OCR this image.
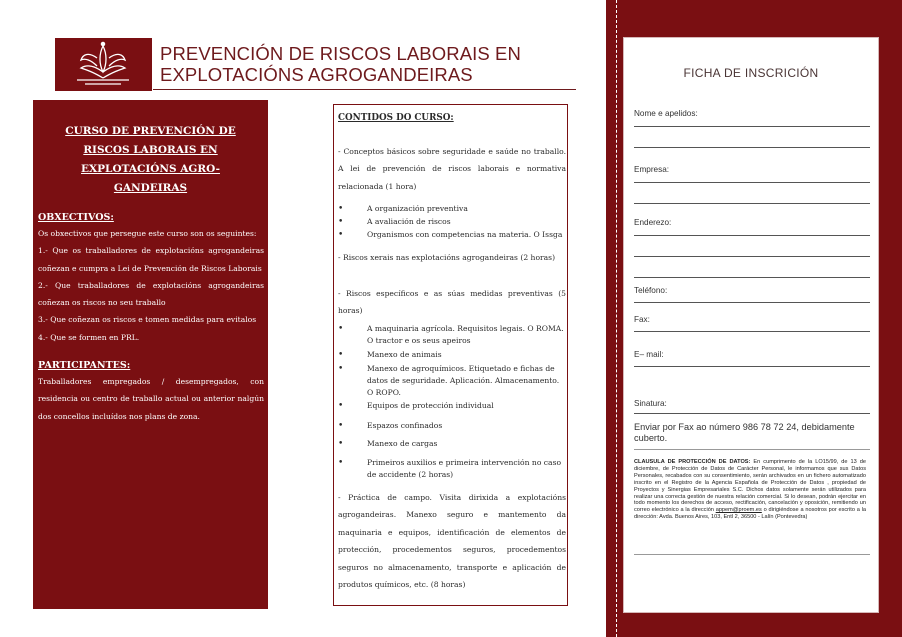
PREVENCIÓN DE RISCOS LABORAIS EN
EXPLOTACIÓNS AGROGANDEIRAS
CURSO DE PREVENCIÓN DE RISCOS LABORAIS EN EXPLOTACIÓNS AGRO-GANDEIRAS
OBXECTIVOS:
Os obxectivos que persegue este curso son os seguintes:
1.- Que os traballadores de explotacións agrogandeiras coñezan e cumpra a Lei de Prevención de Riscos Laborais
2.- Que traballadores de explotacións agrogandeiras coñezan os riscos no seu traballo
3.- Que coñezan os riscos e tomen medidas para evitalos
4.- Que se formen en PRL.
PARTICIPANTES:
Traballadores empregados / desempregados, con residencia ou centro de traballo actual ou anterior nalgún dos concellos incluídos nos plans de zona.
CONTIDOS DO CURSO:
- Conceptos básicos sobre seguridade e saúde no traballo. A lei de prevención de riscos laborais e normativa relacionada (1 hora)
•	A organización preventiva
•	A avaliación de riscos
•	Organismos con competencias na materia. O Issga
- Riscos xerais nas explotacións agrogandeiras (2 horas)
- Riscos específicos e as súas medidas preventivas (5 horas)
•	A maquinaria agrícola. Requisitos legais. O ROMA. O tractor e os seus apeiros
•	Manexo de animais
•	Manexo de agroquímicos. Etiquetado e fichas de datos de seguridade. Aplicación. Almacenamento. O ROPO.
•	Equipos de protección individual
•	Espazos confinados
•	Manexo de cargas
•	Primeiros auxilios e primeira intervención no caso de accidente (2 horas)
- Práctica de campo. Visita dirixida a explotacións agrogandeiras. Manexo seguro e mantemento da maquinaria e equipos, identificación de elementos de protección, procedementos seguros, procedementos seguros no almacenamento, transporte e aplicación de produtos químicos, etc. (8 horas)
FICHA DE INSCRICIÓN
Nome e apelidos:
Empresa:
Enderezo:
Teléfono:
Fax:
E– mail:
Sinatura:
Enviar por Fax ao número 986 78 72 24, debidamente cuberto.
CLAUSULA DE PROTECCIÓN DE DATOS: En cumprimento de la LO15/99, de 13 de diciembre, de Protección de Datos de Carácter Personal, le informamos que sus Datos Personales, recabados con su consentimiento, serán archivados en un fichero automatizado inscrito en el Registro de la Agencia Española de Protección de Datos , propiedad de Proyectos y Sinergias Empresariales S.C. Dichos datos solamente serán utilizados para realizar una correcta gestión de nuestra relación comercial. Si lo desean, podrán ejercitar en todo momento los derechos de acceso, rectificación, cancelación y oposición, remitiendo un correo electrónico a la dirección appem@proem.es o dirigiéndose a nosotros por escrito a la dirección: Avda. Buenos Aires, 103, Entl 2, 36500 - Lalín (Pontevedra)
